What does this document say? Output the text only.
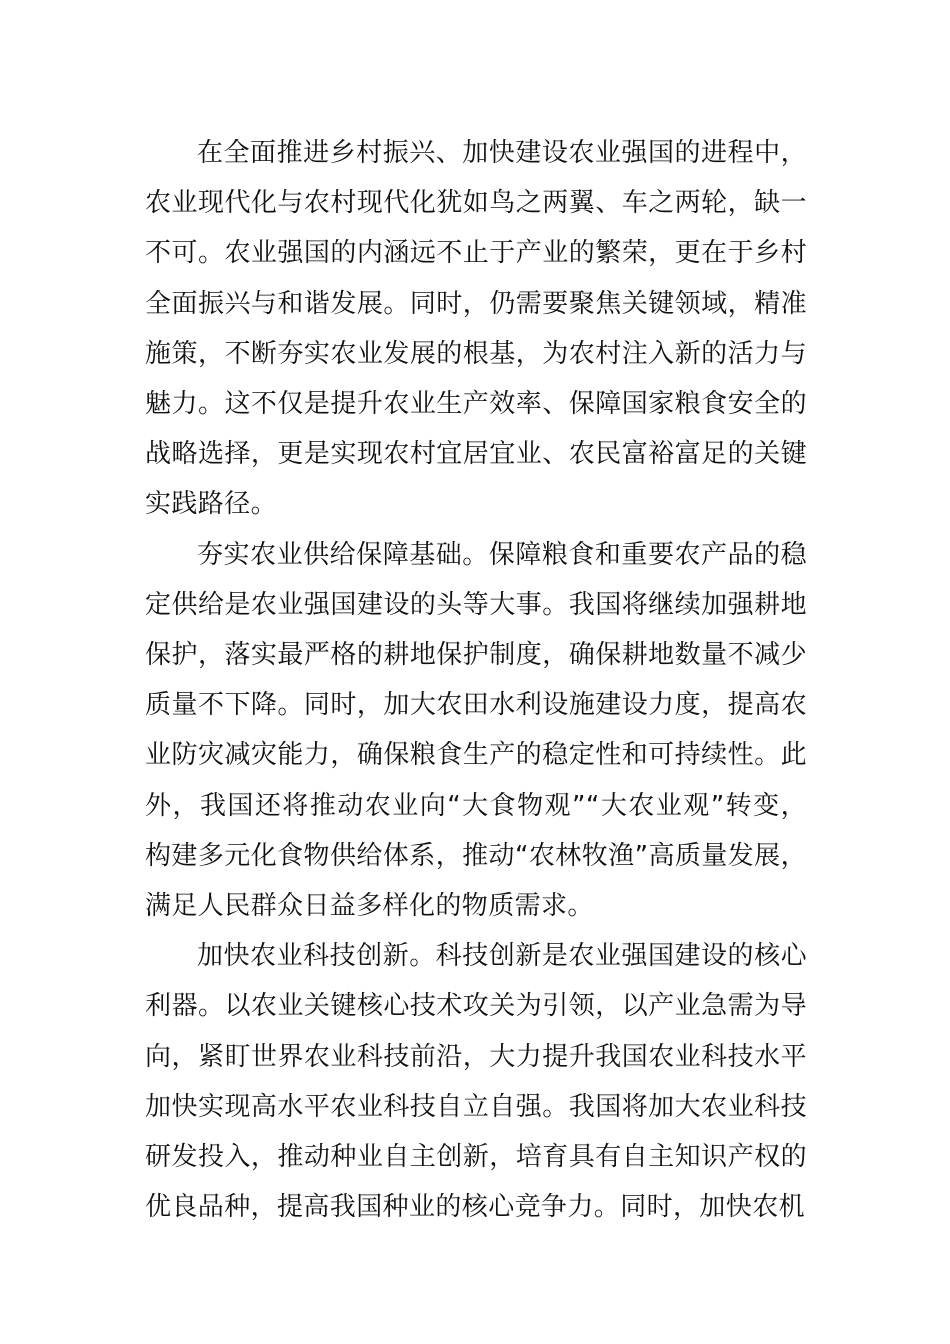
在全面推进乡村振兴、加快建设农业强国的进程中，农业现代化与农村现代化犹如鸟之两翼、车之两轮，缺一不可。农业强国的内涵远不止于产业的繁荣，更在于乡村全面振兴与和谐发展。同时，仍需要聚焦关键领域，精准施策，不断夯实农业发展的根基，为农村注入新的活力与魅力。这不仅是提升农业生产效率、保障国家粮食安全的战略选择，更是实现农村宜居宜业、农民富裕富足的关键实践路径。

夯实农业供给保障基础。保障粮食和重要农产品的稳定供给是农业强国建设的头等大事。我国将继续加强耕地保护，落实最严格的耕地保护制度，确保耕地数量不减少质量不下降。同时，加大农田水利设施建设力度，提高农业防灾减灾能力，确保粮食生产的稳定性和可持续性。此外，我国还将推动农业向“大食物观”“大农业观”转变，构建多元化食物供给体系，推动“农林牧渔”高质量发展，满足人民群众日益多样化的物质需求。

加快农业科技创新。科技创新是农业强国建设的核心利器。以农业关键核心技术攻关为引领，以产业急需为导向，紧盯世界农业科技前沿，大力提升我国农业科技水平加快实现高水平农业科技自立自强。我国将加大农业科技研发投入，推动种业自主创新，培育具有自主知识产权的优良品种，提高我国种业的核心竞争力。同时，加快农机
